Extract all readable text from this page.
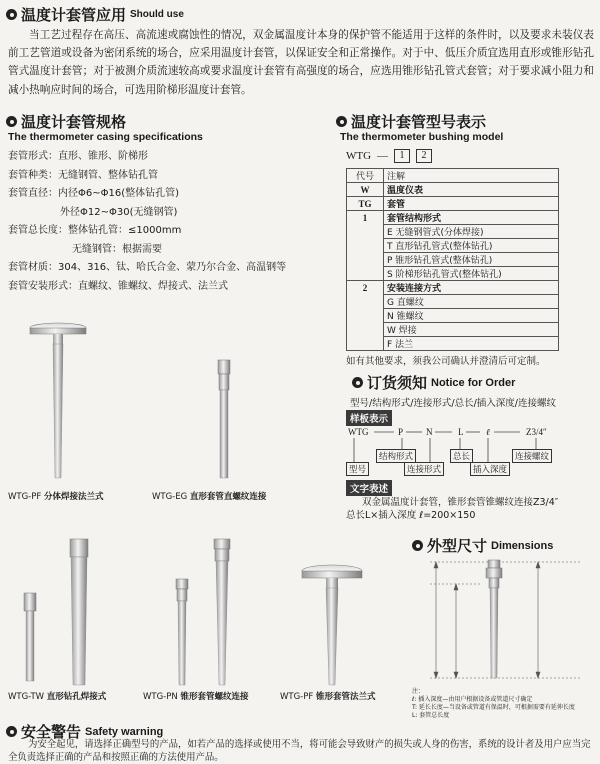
温度计套管应用 Should use
当工艺过程存在高压、高流速或腐蚀性的情况，双金属温度计本身的保护管不能适用于这样的条件时，以及要求未装仪表前工艺管道或设备为密闭系统的场合，应采用温度计套管，以保证安全和正常操作。对于中、低压介质宜选用直形或锥形钻孔管式温度计套管；对于被测介质流速较高或要求温度计套管有高强度的场合，应选用锥形钻孔管式套管；对于要求减小阻力和减小热响应时间的场合，可选用阶梯形温度计套管。
温度计套管规格
The thermometer casing specifications
套管形式：直形、锥形、阶梯形
套管种类：无缝钢管、整体钻孔管
套管直径：内径Φ6~Φ16(整体钻孔管)
外径Φ12~Φ30(无缝钢管)
套管总长度：整体钻孔管：≤1000mm
无缝钢管：根据需要
套管材质：304、316、钛、哈氏合金、蒙乃尔合金、高温钢等
套管安装形式：直螺纹、锥螺纹、焊接式、法兰式
温度计套管型号表示
The thermometer bushing model
WTG —	1	2
代号	注解
W	温度仪表
TG	套管
1	套管结构形式
	E 无缝钢管式(分体焊接)
	T 直形钻孔管式(整体钻孔)
	P 锥形钻孔管式(整体钻孔)
	S 阶梯形钻孔管式(整体钻孔)
2	安装连接方式
	G 直螺纹
	N 锥螺纹
	W 焊接
	F 法兰
如有其他要求，须我公司确认并澄清后可定制。
订货须知 Notice for Order
型号/结构形式/连接形式/总长/插入深度/连接螺纹
样板表示
WTG	P	N	L	ℓ	Z3/4″
型号
结构形式
连接形式
总长
插入深度
连接螺纹
文字表述
双金属温度计套管，锥形套管锥螺纹连接Z3/4″
总长L×插入深度 ℓ=200×150
WTG-PF 分体焊接法兰式	WTG-EG 直形套管直螺纹连接
WTG-TW 直形钻孔焊接式	WTG-PN 锥形套管螺纹连接	WTG-PF 锥形套管法兰式
外型尺寸 Dimensions
注：
ℓ: 插入深度—由用户根据设备或管道尺寸确定
T: 延长长度—当设备或管道有保温时，可根据需要有延伸长度
L: 套管总长度
安全警告 Safety warning
为安全起见，请选择正确型号的产品，如若产品的选择或使用不当，将可能会导致财产的损失或人身的伤害，系统的设计者及用户应当完全负责选择正确的产品和按照正确的方法使用产品。
